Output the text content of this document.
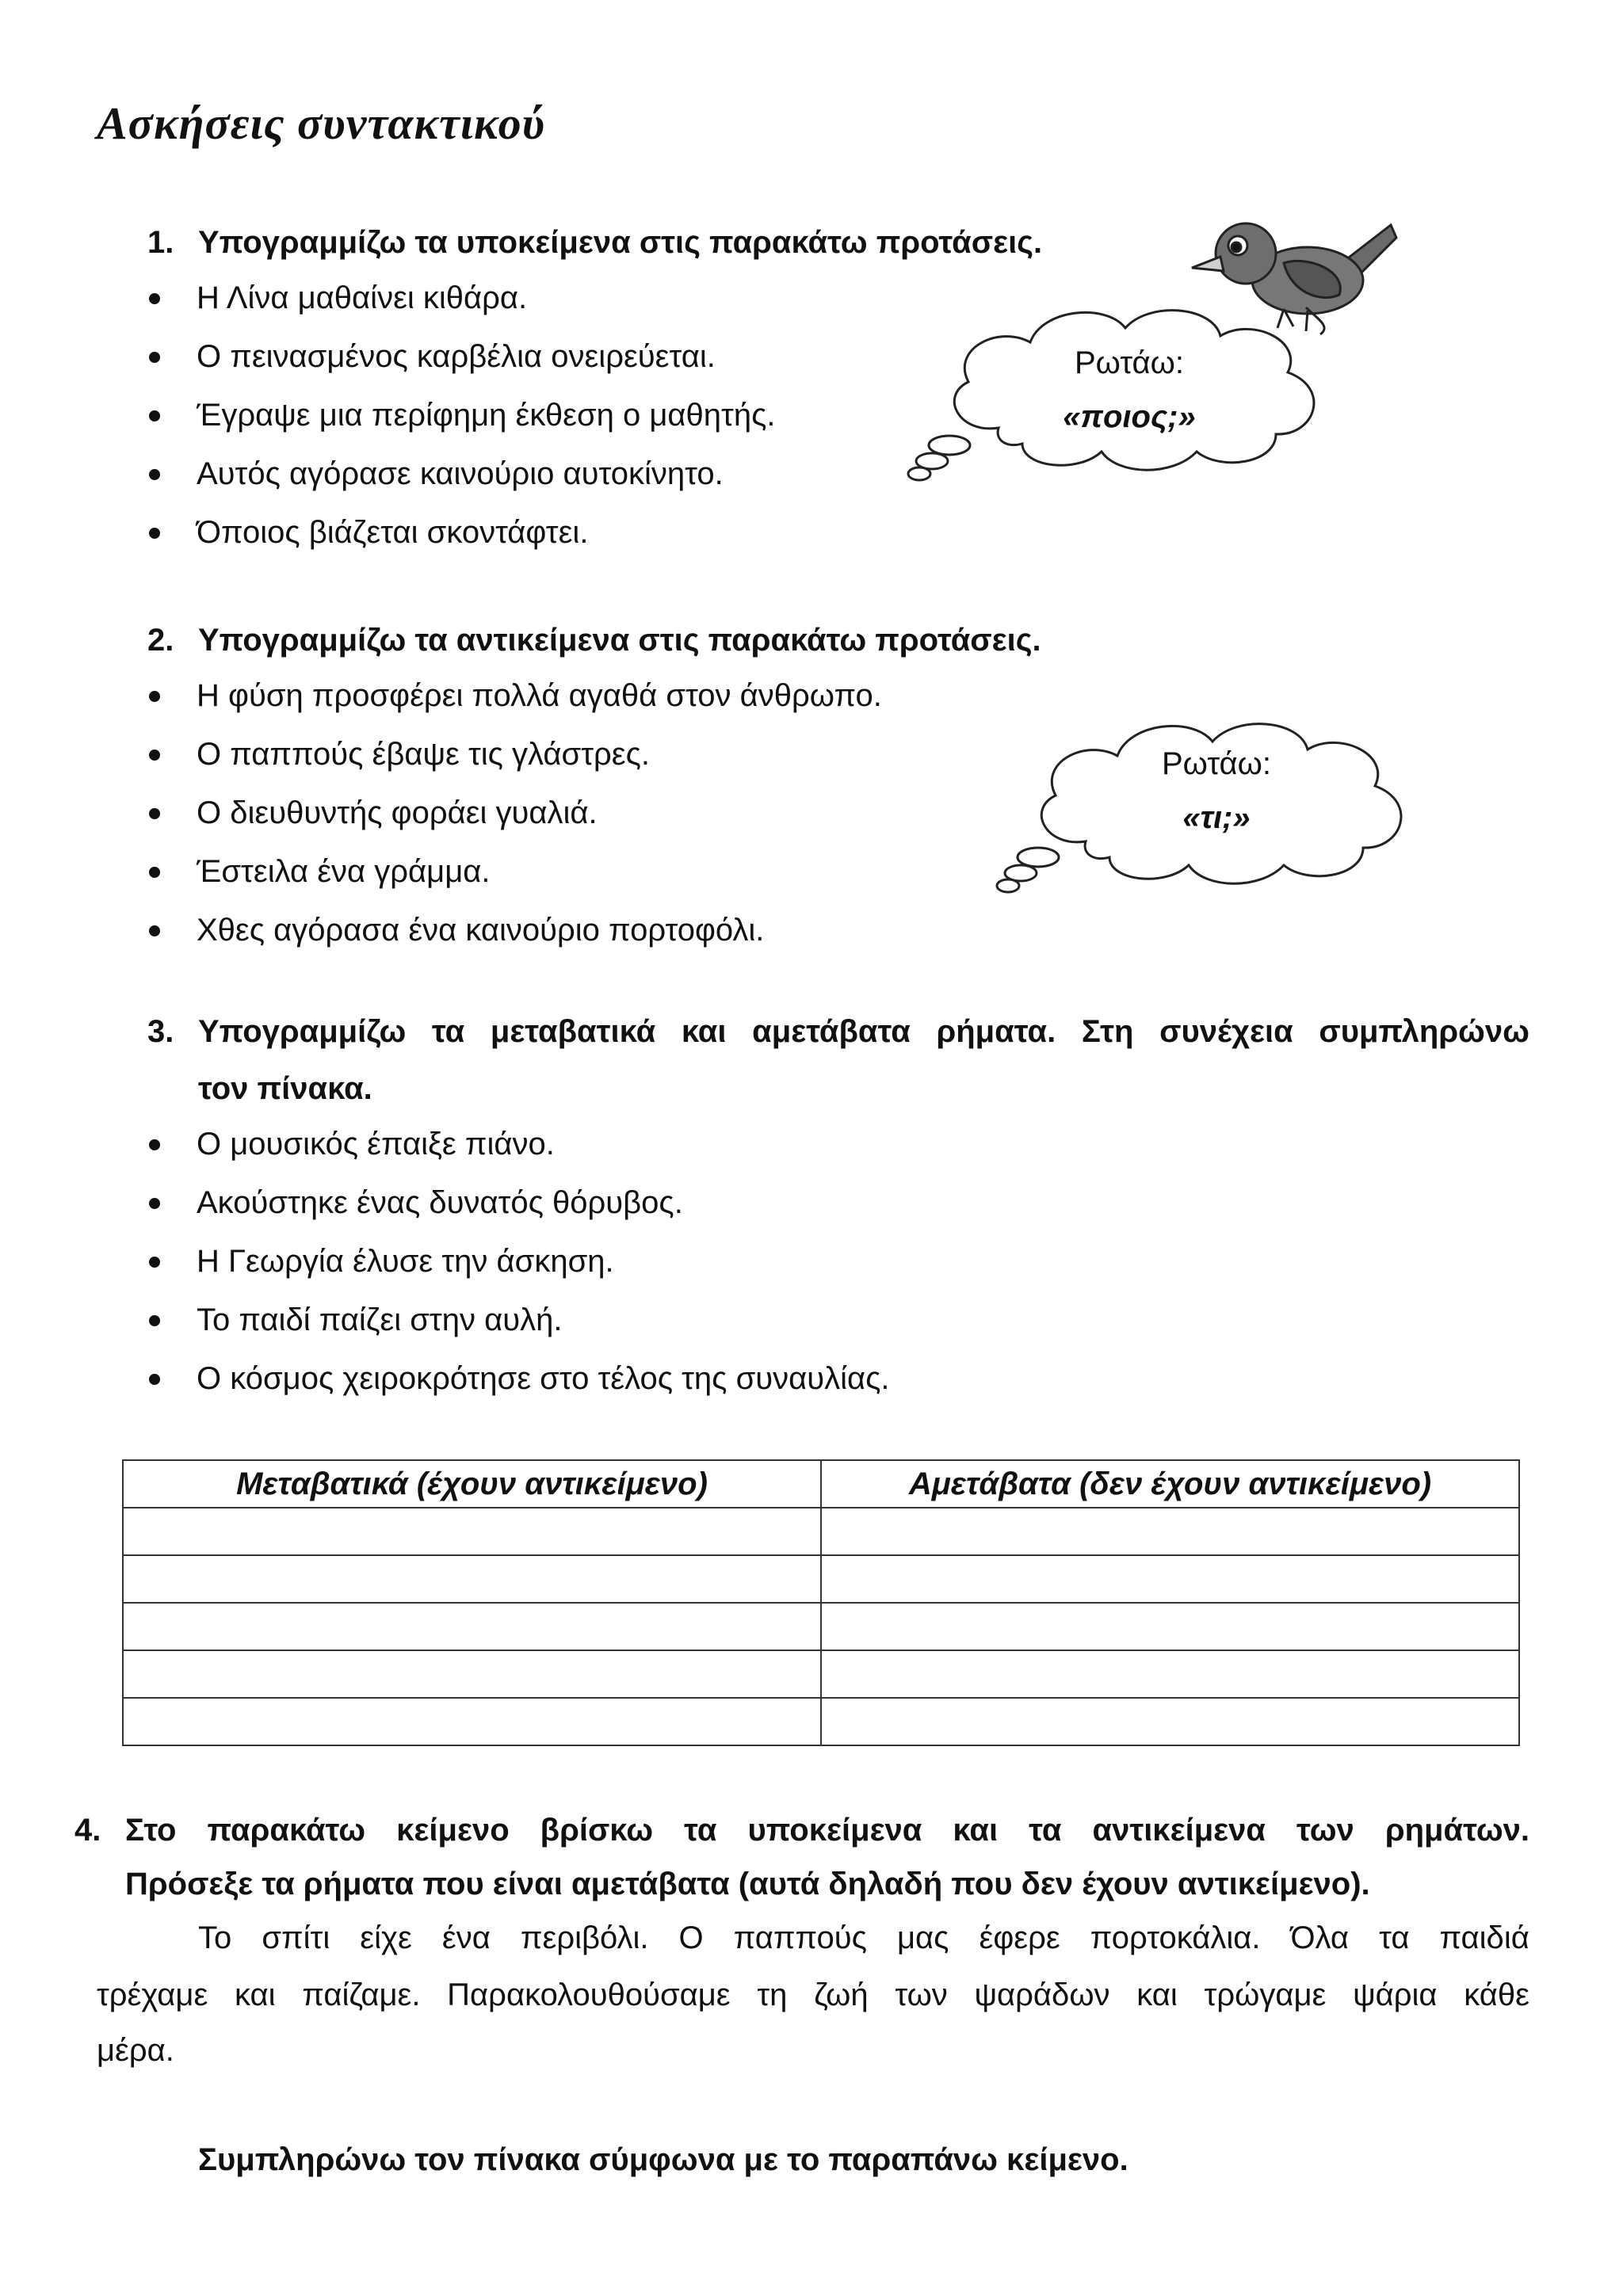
Ασκήσεις συντακτικού
1. Υπογραμμίζω τα υποκείμενα στις παρακάτω προτάσεις.
Η Λίνα μαθαίνει κιθάρα.
Ο πεινασμένος καρβέλια ονειρεύεται.
Έγραψε μια περίφημη έκθεση ο μαθητής.
Αυτός αγόρασε καινούριο αυτοκίνητο.
Όποιος βιάζεται σκοντάφτει.
Ρωτάω:
«ποιος;»
2. Υπογραμμίζω τα αντικείμενα στις παρακάτω προτάσεις.
Η φύση προσφέρει πολλά αγαθά στον άνθρωπο.
Ο παππούς έβαψε τις γλάστρες.
Ο διευθυντής φοράει γυαλιά.
Έστειλα ένα γράμμα.
Χθες αγόρασα ένα καινούριο πορτοφόλι.
Ρωτάω:
«τι;»
3. Υπογραμμίζω τα μεταβατικά και αμετάβατα ρήματα. Στη συνέχεια συμπληρώνω
τον πίνακα.
Ο μουσικός έπαιξε πιάνο.
Ακούστηκε ένας δυνατός θόρυβος.
Η Γεωργία έλυσε την άσκηση.
Το παιδί παίζει στην αυλή.
Ο κόσμος χειροκρότησε στο τέλος της συναυλίας.
Μεταβατικά (έχουν αντικείμενο)	Αμετάβατα (δεν έχουν αντικείμενο)

4. Στο παρακάτω κείμενο βρίσκω τα υποκείμενα και τα αντικείμενα των ρημάτων.
Πρόσεξε τα ρήματα που είναι αμετάβατα (αυτά δηλαδή που δεν έχουν αντικείμενο).
Το σπίτι είχε ένα περιβόλι. Ο παππούς μας έφερε πορτοκάλια. Όλα τα παιδιά
τρέχαμε και παίζαμε. Παρακολουθούσαμε τη ζωή των ψαράδων και τρώγαμε ψάρια κάθε
μέρα.
Συμπληρώνω τον πίνακα σύμφωνα με το παραπάνω κείμενο.
